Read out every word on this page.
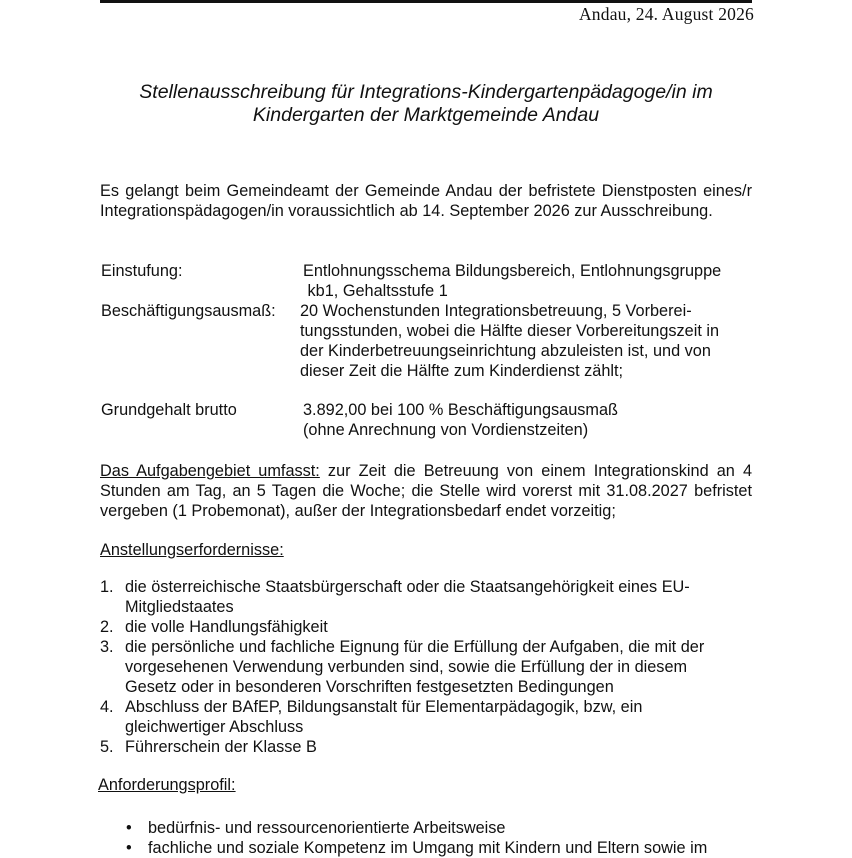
Andau, 24. August 2026
Stellenausschreibung für Integrations-Kindergartenpädagoge/in im
Kindergarten der Marktgemeinde Andau
Es gelangt beim Gemeindeamt der Gemeinde Andau der befristete Dienstposten eines/r Integrationspädagogen/in voraussichtlich ab 14. September 2026 zur Ausschreibung.
Einstufung:	Entlohnungsschema Bildungsbereich, Entlohnungsgruppe
kb1, Gehaltsstufe 1
Beschäftigungsausmaß: 20 Wochenstunden Integrationsbetreuung, 5 Vorberei-
tungsstunden, wobei die Hälfte dieser Vorbereitungszeit in
der Kinderbetreuungseinrichtung abzuleisten ist, und von
dieser Zeit die Hälfte zum Kinderdienst zählt;
Grundgehalt brutto	3.892,00 bei 100 % Beschäftigungsausmaß
(ohne Anrechnung von Vordienstzeiten)
Das Aufgabengebiet umfasst: zur Zeit die Betreuung von einem Integrationskind an 4 Stunden am Tag, an 5 Tagen die Woche; die Stelle wird vorerst mit 31.08.2027 befristet vergeben (1 Probemonat), außer der Integrationsbedarf endet vorzeitig;
Anstellungserfordernisse:
1. die österreichische Staatsbürgerschaft oder die Staatsangehörigkeit eines EU-
Mitgliedstaates
2. die volle Handlungsfähigkeit
3. die persönliche und fachliche Eignung für die Erfüllung der Aufgaben, die mit der
vorgesehenen Verwendung verbunden sind, sowie die Erfüllung der in diesem
Gesetz oder in besonderen Vorschriften festgesetzten Bedingungen
4. Abschluss der BAfEP, Bildungsanstalt für Elementarpädagogik, bzw, ein
gleichwertiger Abschluss
5. Führerschein der Klasse B
Anforderungsprofil:
• bedürfnis- und ressourcenorientierte Arbeitsweise
• fachliche und soziale Kompetenz im Umgang mit Kindern und Eltern sowie im
